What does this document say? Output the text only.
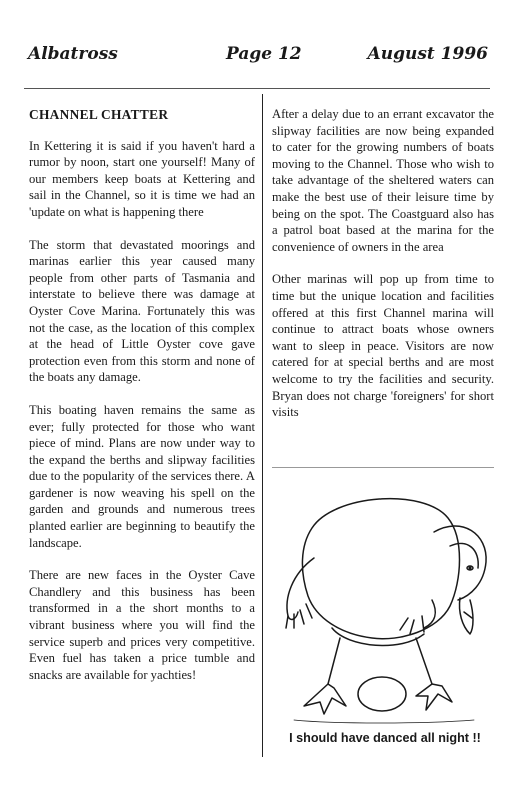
Albatross	Page 12	August 1996
CHANNEL CHATTER

In Kettering it is said if you haven't hard a rumor by noon, start one yourself! Many of our members keep boats at Kettering and sail in the Channel, so it is time we had an 'update on what is happening there

The storm that devastated moorings and marinas earlier this year caused many people from other parts of Tasmania and interstate to believe there was damage at Oyster Cove Marina. Fortunately this was not the case, as the location of this complex at the head of Little Oyster cove gave protection even from this storm and none of the boats any damage.

This boating haven remains the same as ever; fully protected for those who want piece of mind. Plans are now under way to the expand the berths and slipway facilities due to the popularity of the services there. A gardener is now weaving his spell on the garden and grounds and numerous trees planted earlier are beginning to beautify the landscape.

There are new faces in the Oyster Cave Chandlery and this business has been transformed in a the short months to a vibrant business where you will find the service superb and prices very competitive. Even fuel has taken a price tumble and snacks are available for yachties!

After a delay due to an errant excavator the slipway facilities are now being expanded to cater for the growing numbers of boats moving to the Channel. Those who wish to take advantage of the sheltered waters can make the best use of their leisure time by being on the spot. The Coastguard also has a patrol boat based at the marina for the convenience of owners in the area

Other marinas will pop up from time to time but the unique location and facilities offered at this first Channel marina will continue to attract boats whose owners want to sleep in peace. Visitors are now catered for at special berths and are most welcome to try the facilities and security. Bryan does not charge 'foreigners' for short visits

I should have danced all night !!
